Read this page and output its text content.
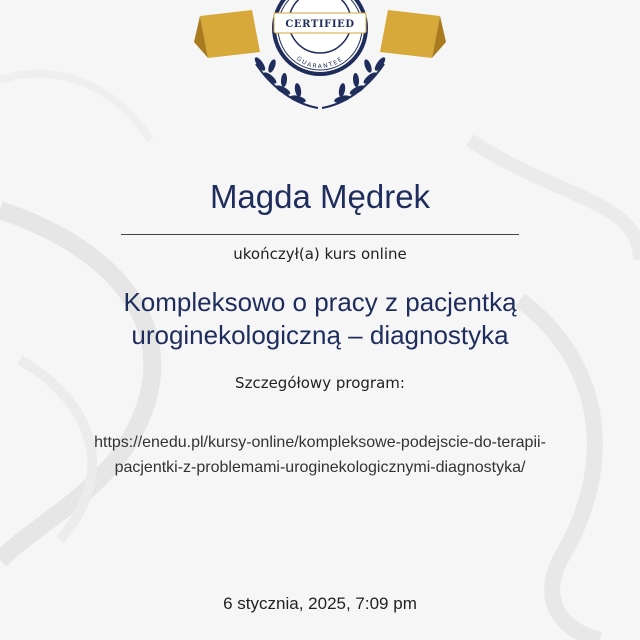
CERTIFIED
GUARANTEE
Magda Mędrek
ukończył(a) kurs online
Kompleksowo o pracy z pacjentką
uroginekologiczną – diagnostyka
Szczegółowy program:
https://enedu.pl/kursy-online/kompleksowe-podejscie-do-terapii-
pacjentki-z-problemami-uroginekologicznymi-diagnostyka/
6 stycznia, 2025, 7:09 pm
